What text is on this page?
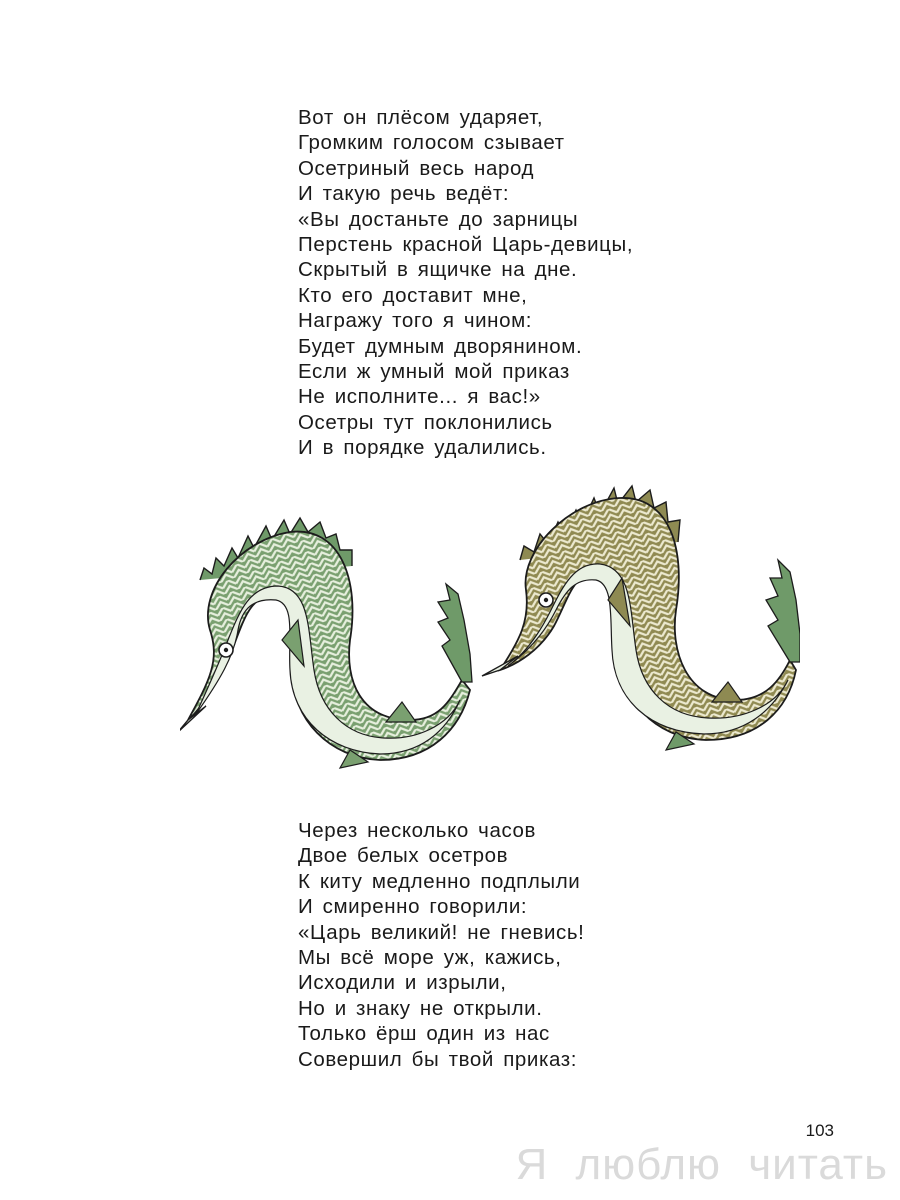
Вот он плёсом ударяет,
Громким голосом сзывает
Осетриный весь народ
И такую речь ведёт:
«Вы достаньте до зарницы
Перстень красной Царь-девицы,
Скрытый в ящичке на дне.
Кто его доставит мне,
Награжу того я чином:
Будет думным дворянином.
Если ж умный мой приказ
Не исполните... я вас!»
Осетры тут поклонились
И в порядке удалились.
Через несколько часов
Двое белых осетров
К киту медленно подплыли
И смиренно говорили:
«Царь великий! не гневись!
Мы всё море уж, кажись,
Исходили и изрыли,
Но и знаку не открыли.
Только ёрш один из нас
Совершил бы твой приказ:
103
Я люблю читать
